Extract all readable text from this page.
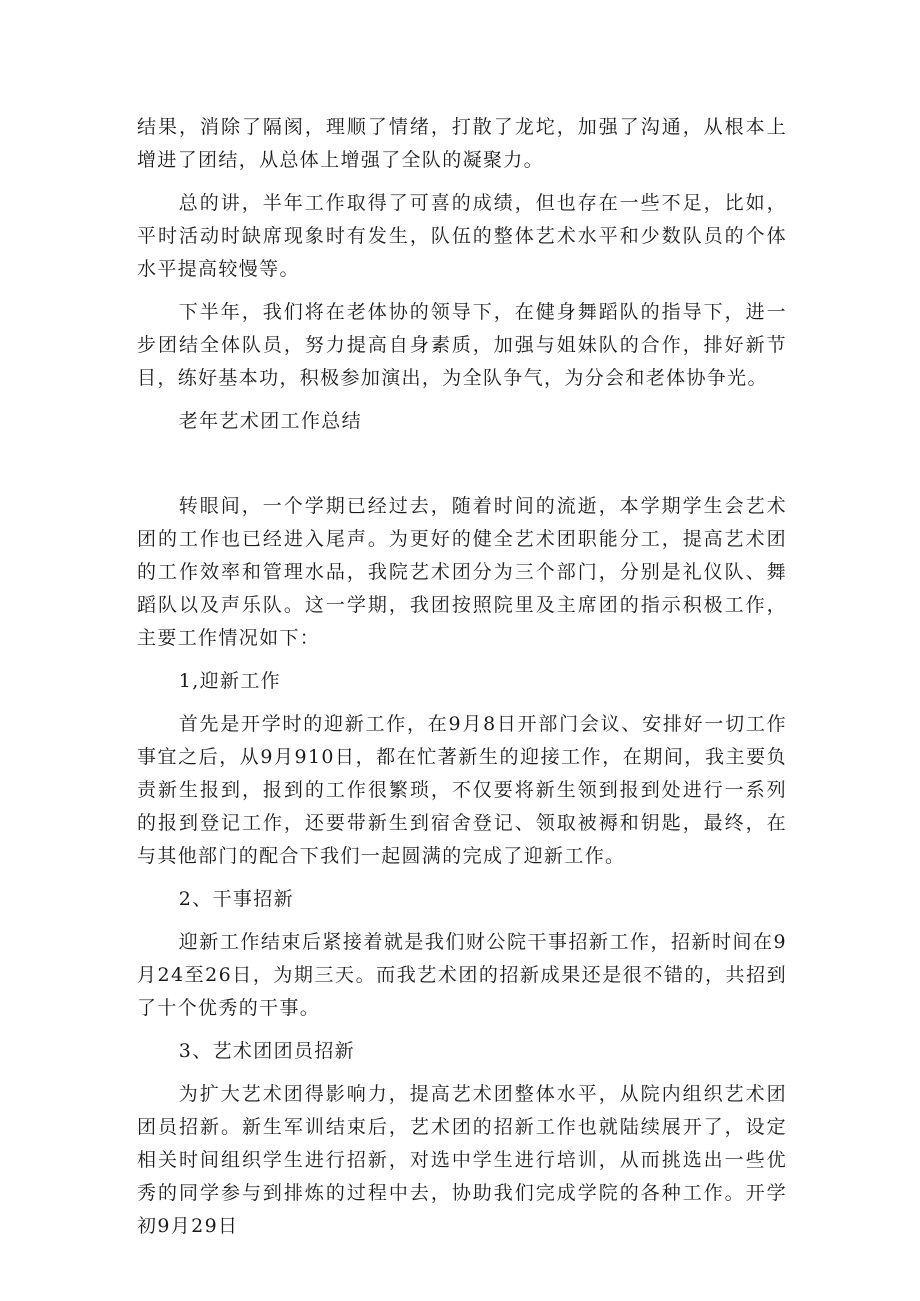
结果，消除了隔阂，理顺了情绪，打散了龙坨，加强了沟通，从根本上增进了团结，从总体上增强了全队的凝聚力。

总的讲，半年工作取得了可喜的成绩，但也存在一些不足，比如，平时活动时缺席现象时有发生，队伍的整体艺术水平和少数队员的个体水平提高较慢等。

下半年，我们将在老体协的领导下，在健身舞蹈队的指导下，进一步团结全体队员，努力提高自身素质，加强与姐妹队的合作，排好新节目，练好基本功，积极参加演出，为全队争气，为分会和老体协争光。

老年艺术团工作总结

转眼间，一个学期已经过去，随着时间的流逝，本学期学生会艺术团的工作也已经进入尾声。为更好的健全艺术团职能分工，提高艺术团的工作效率和管理水品，我院艺术团分为三个部门，分别是礼仪队、舞蹈队以及声乐队。这一学期，我团按照院里及主席团的指示积极工作，主要工作情况如下：

1,迎新工作

首先是开学时的迎新工作，在9月8日开部门会议、安排好一切工作事宜之后，从9月910日，都在忙著新生的迎接工作，在期间，我主要负责新生报到，报到的工作很繁琐，不仅要将新生领到报到处进行一系列的报到登记工作，还要带新生到宿舍登记、领取被褥和钥匙，最终，在与其他部门的配合下我们一起圆满的完成了迎新工作。

2、干事招新

迎新工作结束后紧接着就是我们财公院干事招新工作，招新时间在9月24至26日，为期三天。而我艺术团的招新成果还是很不错的，共招到了十个优秀的干事。

3、艺术团团员招新

为扩大艺术团得影响力，提高艺术团整体水平，从院内组织艺术团团员招新。新生军训结束后，艺术团的招新工作也就陆续展开了，设定相关时间组织学生进行招新，对选中学生进行培训，从而挑选出一些优秀的同学参与到排炼的过程中去，协助我们完成学院的各种工作。开学初9月29日
